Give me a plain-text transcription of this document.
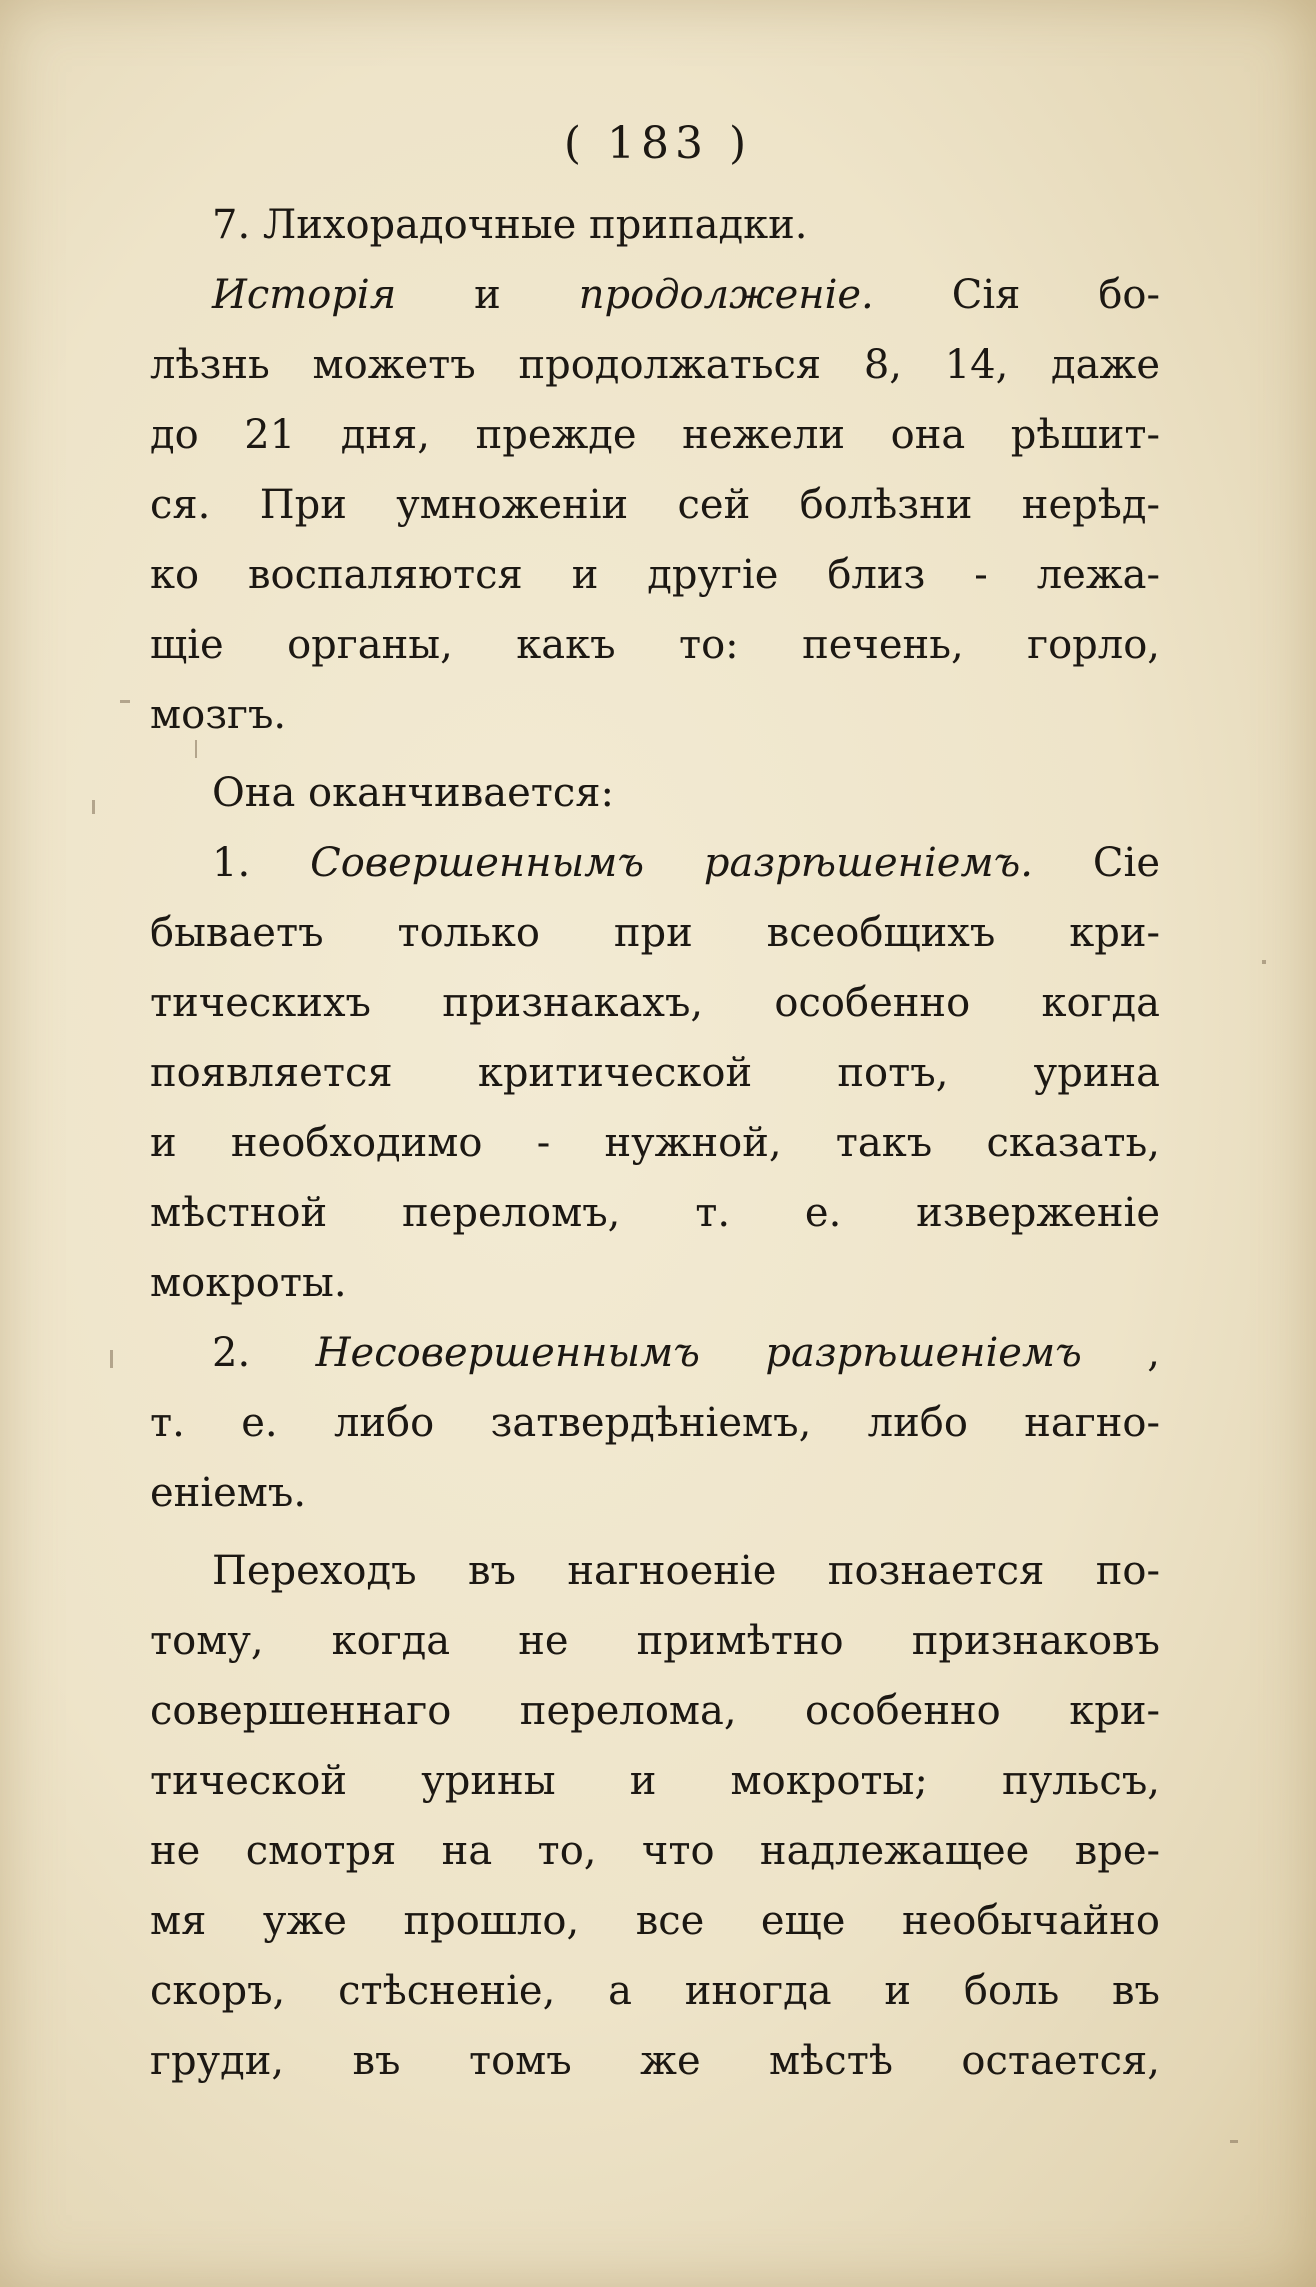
( 183 )
7. Лихорадочные припадки.
Исторія и продолженіе. Сія бо-
лѣзнь можетъ продолжаться 8, 14, даже
до 21 дня, прежде нежели она рѣшит-
ся. При умноженіи сей болѣзни нерѣд-
ко воспаляются и другіе близ - лежа-
щіе органы, какъ то: печень, горло,
мозгъ.
Она оканчивается:
1. Совершеннымъ разрѣшеніемъ. Сіе
бываетъ только при всеобщихъ кри-
тическихъ признакахъ, особенно когда
появляется критической потъ, урина
и необходимо - нужной, такъ сказать,
мѣстной переломъ, т. е. изверженіе
мокроты.
2. Несовершеннымъ разрѣшеніемъ ,
т. е. либо затвердѣніемъ, либо нагно-
еніемъ.
Переходъ въ нагноеніе познается по-
тому, когда не примѣтно признаковъ
совершеннаго перелома, особенно кри-
тической урины и мокроты; пульсъ,
не смотря на то, что надлежащее вре-
мя уже прошло, все еще необычайно
скоръ, стѣсненіе, а иногда и боль въ
груди, въ томъ же мѣстѣ остается,
